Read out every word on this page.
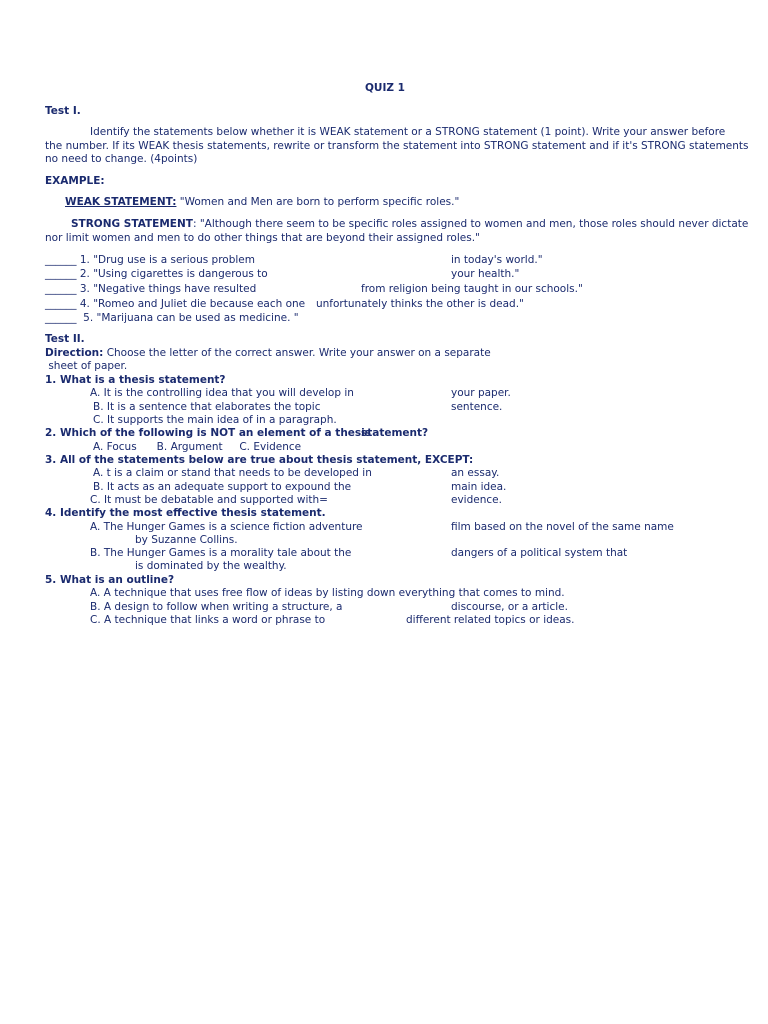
QUIZ 1
Test I.
Identify the statements below whether it is WEAK statement or a STRONG statement (1 point). Write your answer before
the number. If its WEAK thesis statements, rewrite or transform the statement into STRONG statement and if it's STRONG statements
no need to change. (4points)
EXAMPLE:
WEAK STATEMENT: "Women and Men are born to perform specific roles."
STRONG STATEMENT: "Although there seem to be specific roles assigned to women and men, those roles should never dictate
nor limit women and men to do other things that are beyond their assigned roles."
______ 1. "Drug use is a serious problem	in today's world."
______ 2. "Using cigarettes is dangerous to	your health."
______ 3. "Negative things have resulted	from religion being taught in our schools."
______ 4. "Romeo and Juliet die because each one unfortunately thinks the other is dead."
______  5. "Marijuana can be used as medicine. "
Test II.
Direction: Choose the letter of the correct answer. Write your answer on a separate
sheet of paper.
1. What is a thesis statement?
A. It is the controlling idea that you will develop in	your paper.
B. It is a sentence that elaborates the topic	sentence.
C. It supports the main idea of in a paragraph.
2. Which of the following is NOT an element of a thesis
statement?
A. Focus      B. Argument     C. Evidence
3. All of the statements below are true about thesis statement, EXCEPT:
A. t is a claim or stand that needs to be developed in	an essay.
B. It acts as an adequate support to expound the	main idea.
C. It must be debatable and supported with=	evidence.
4. Identify the most effective thesis statement.
A. The Hunger Games is a science fiction adventure	film based on the novel of the same name
by Suzanne Collins.
B. The Hunger Games is a morality tale about the	dangers of a political system that
is dominated by the wealthy.
5. What is an outline?
A. A technique that uses free flow of ideas by listing down everything that comes to mind.
B. A design to follow when writing a structure, a	discourse, or a article.
C. A technique that links a word or phrase to	different related topics or ideas.
